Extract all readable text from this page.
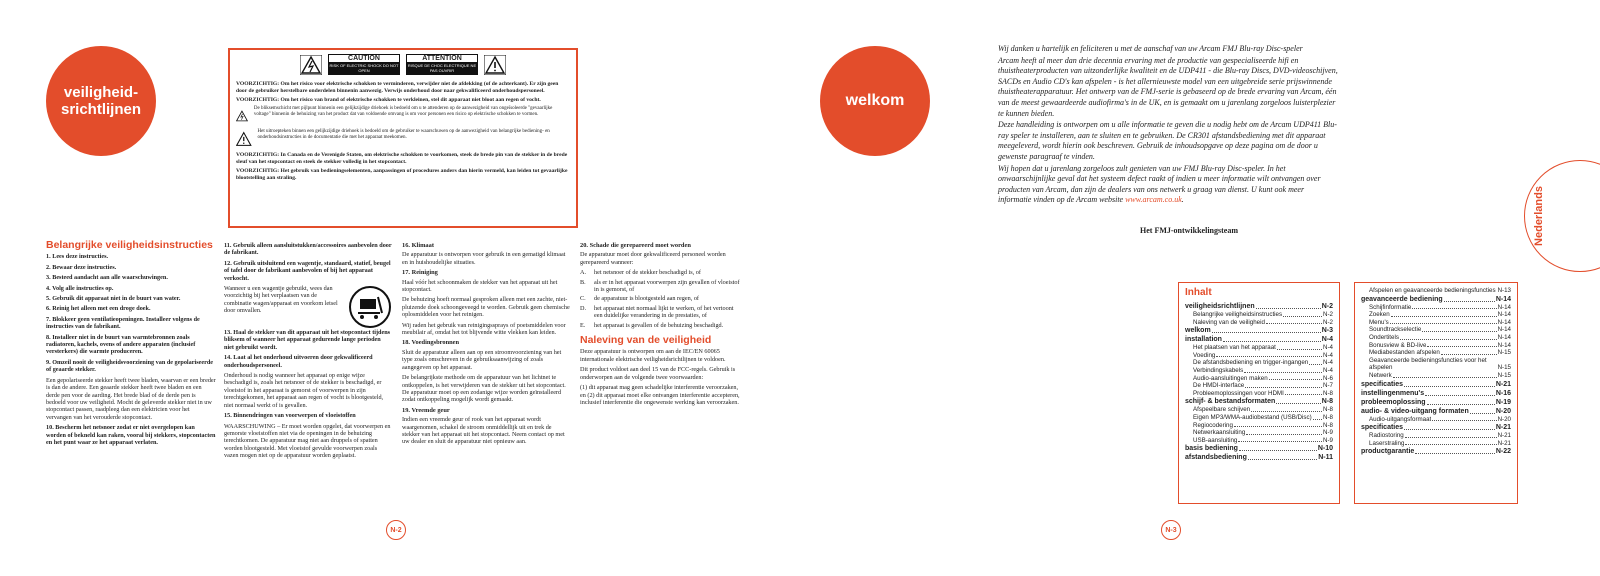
veiligheid-
srichtlijnen
CAUTION
RISK OF ELECTRIC SHOCK DO NOT OPEN
ATTENTION
RISQUE DE CHOC ELECTRIQUE NE PAS OUVRIR

VOORZICHTIG: Om het risico voor elektrische schokken te verminderen, verwijder niet de afdekking (of de achterkant). Er zijn geen door de gebruiker herstelbare onderdelen binnenin aanwezig. Verwijs onderhoud door naar gekwalificeerd onderhoudspersoneel.

VOORZICHTIG: Om het risico van brand of elektrische schokken te verkleinen, stel dit apparaat niet bloot aan regen of vocht.

De bliksemschicht met pijlpunt binnenin een gelijkzijdige driehoek is bedoeld om u te attenderen op de aanwezigheid van ongeïsoleerde "gevaarlijke voltage" binnenin de behuizing van het product dat van voldoende omvang is om voor personen een risico op elektrische schokken te vormen.
Het uitroepteken binnen een gelijkzijdige driehoek is bedoeld om de gebruiker te waarschuwen op de aanwezigheid van belangrijke bediening- en onderhoudsinstructies in de documentatie die met het apparaat meekomen.

VOORZICHTIG: In Canada en de Verenigde Staten, om elektrische schokken te voorkomen, steek de brede pin van de stekker in de brede sleuf van het stopcontact en steek de stekker volledig in het stopcontact.

VOORZICHTIG: Het gebruik van bedieningselementen, aanpassingen of procedures anders dan hierin vermeld, kan leiden tot gevaarlijke blootstelling aan straling.

Belangrijke veiligheidsinstructies

1. Lees deze instructies.

2. Bewaar deze instructies.

3. Besteed aandacht aan alle waarschuwingen.

4. Volg alle instructies op.

5. Gebruik dit apparaat niet in de buurt van water.

6. Reinig het alleen met een droge doek.

7. Blokkeer geen ventilatieopeningen. Installeer volgens de instructies van de fabrikant.

8. Installeer niet in de buurt van warmtebronnen zoals radiatoren, kachels, ovens of andere apparaten (inclusief versterkers) die warmte produceren.

9. Omzeil nooit de veiligheidsvoorziening van de gepolariseerde of geaarde stekker.

Een gepolariseerde stekker heeft twee bladen, waarvan er een breder is dan de andere. Een geaarde stekker heeft twee bladen en een derde pen voor de aarding. Het brede blad of de derde pen is bedoeld voor uw veiligheid. Mocht de geleverde stekker niet in uw stopcontact passen, raadpleeg dan een elektricien voor het vervangen van het verouderde stopcontact.

10. Bescherm het netsnoer zodat er niet overgelopen kan worden of bekneld kan raken, vooral bij stekkers, stopcontacten en het punt waar ze het apparaat verlaten.

11. Gebruik alleen aansluitstukken/accessoires aanbevolen door de fabrikant.

12. Gebruik uitsluitend een wagentje, standaard, statief, beugel of tafel door de fabrikant aanbevolen of bij het apparaat verkocht.

Wanneer u een wagentje gebruikt, wees dan voorzichtig bij het verplaatsen van de combinatie wagen/apparaat en voorkom letsel door omvallen.

13. Haal de stekker van dit apparaat uit het stopcontact tijdens bliksem of wanneer het apparaat gedurende lange perioden niet gebruikt wordt.

14. Laat al het onderhoud uitvoeren door gekwalificeerd onderhoudspersoneel.

Onderhoud is nodig wanneer het apparaat op enige wijze beschadigd is, zoals het netsnoer of de stekker is beschadigd, er vloeistof in het apparaat is gemorst of voorwerpen in zijn terechtgekomen, het apparaat aan regen of vocht is blootgesteld, niet normaal werkt of is gevallen.

15. Binnendringen van voorwerpen of vloeistoffen

WAARSCHUWING – Er moet worden opgelet, dat voorwerpen en gemorste vloeistoffen niet via de openingen in de behuizing terechtkomen. De apparatuur mag niet aan druppels of spatten worden blootgesteld. Met vloeistof gevulde voorwerpen zoals vazen mogen niet op de apparatuur worden geplaatst.

16. Klimaat

De apparatuur is ontworpen voor gebruik in een gematigd klimaat en in huishoudelijke situaties.

17. Reiniging

Haal vóór het schoonmaken de stekker van het apparaat uit het stopcontact.

De behuizing hoeft normaal gesproken alleen met een zachte, niet-pluizende doek schoongeveegd te worden. Gebruik geen chemische oplosmiddelen voor het reinigen.

Wij raden het gebruik van reinigingssprays of poetsmiddelen voor meubilair af, omdat het tot blijvende witte vlekken kan leiden.

18. Voedingsbronnen

Sluit de apparatuur alleen aan op een stroomvoorziening van het type zoals omschreven in de gebruiksaanwijzing of zoals aangegeven op het apparaat.

De belangrijkste methode om de apparatuur van het lichtnet te ontkoppelen, is het verwijderen van de stekker uit het stopcontact. De apparatuur moet op een zodanige wijze worden geïnstalleerd zodat ontkoppeling mogelijk wordt gemaakt.

19. Vreemde geur

Indien een vreemde geur of rook van het apparaat wordt waargenomen, schakel de stroom onmiddellijk uit en trek de stekker van het apparaat uit het stopcontact. Neem contact op met uw dealer en sluit de apparatuur niet opnieuw aan.

20. Schade die gerepareerd moet worden

De apparatuur moet door gekwalificeerd personeel worden gerepareerd wanneer:

A.	het netsnoer of de stekker beschadigd is, of
B.	als er in het apparaat voorwerpen zijn gevallen of vloeistof in is gemorst, of
C.	de apparatuur is blootgesteld aan regen, of
D.	het apparaat niet normaal lijkt te werken, of het vertoont een duidelijke verandering in de prestaties, of
E.	het apparaat is gevallen of de behuizing beschadigd.
Naleving van de veiligheid

Deze apparatuur is ontworpen om aan de IEC/EN 60065 internationale elektrische veiligheidsrichtlijnen te voldoen.

Dit product voldoet aan deel 15 van de FCC-regels. Gebruik is onderworpen aan de volgende twee voorwaarden:

(1) dit apparaat mag geen schadelijke interferentie veroorzaken, en (2) dit apparaat moet elke ontvangen interferentie accepteren, inclusief interferentie die ongewenste werking kan veroorzaken.

N-2	N-3
welkom

Wij danken u hartelijk en feliciteren u met de aanschaf van uw Arcam FMJ Blu-ray Disc-speler

Arcam heeft al meer dan drie decennia ervaring met de productie van gespecialiseerde hifi en thuistheaterproducten van uitzonderlijke kwaliteit en de UDP411 - die Blu-ray Discs, DVD-videoschijven, SACDs en Audio CD's kan afspelen - is het allernieuwste model van een uitgebreide serie prijswinnende thuistheaterapparatuur. Het ontwerp van de FMJ-serie is gebaseerd op de brede ervaring van Arcam, één van de meest gewaardeerde audiofirma's in de UK, en is gemaakt om u jarenlang zorgeloos luisterplezier te kunnen bieden.

Deze handleiding is ontworpen om u alle informatie te geven die u nodig hebt om de Arcam UDP411 Blu-ray speler te installeren, aan te sluiten en te gebruiken. De CR301 afstandsbediening met dit apparaat meegeleverd, wordt hierin ook beschreven. Gebruik de inhoudsopgave op deze pagina om de door u gewenste paragraaf te vinden.

Wij hopen dat u jarenlang zorgeloos zult genieten van uw FMJ Blu-ray Disc-speler. In het onwaarschijnlijke geval dat het systeem defect raakt of indien u meer informatie wilt ontvangen over producten van Arcam, dan zijn de dealers van ons netwerk u graag van dienst. U kunt ook meer informatie vinden op de Arcam website www.arcam.co.uk.

Het FMJ-ontwikkelingsteam	Nederlands
Inhalt
veiligheidsrichtlijnen	N-2
Belangrijke veiligheidsinstructies	N-2
Naleving van de veiligheid	N-2
welkom	N-3
installation	N-4
Het plaatsen van het apparaat	N-4
Voeding	N-4
De afstandsbediening en trigger-ingangen N-4
Verbindingskabels	N-4
Audio-aansluitingen maken	N-6
De HMDI-interface	N-7
Probleemoplossingen voor HDMI	N-8
schijf- & bestandsformaten	N-8
Afspeelbare schijven	N-8
Eigen MP3/WMA-audiobestand (USB/Disc) N-8
Regiocodering	N-8
Netwerkaansluiting	N-9
USB-aansluiting	N-9
basis bediening	N-10
afstandsbediening	N-11
Afspelen en geavanceerde bedieningsfuncties N-13
geavanceerde bediening	N-14
Schijfinformatie	N-14
Zoeken	N-14
Menu's	N-14
Soundtrackselectie	N-14
Ondertitels	N-14
Bonusview & BD-live	N-14
Mediabestanden afspelen	N-15
Geavanceerde bedieningsfuncties voor het afspelen	N-15
Netwerk	N-15
specificaties	N-21
instellingenmenu's	N-16
probleemoplossing	N-19
audio- & video-uitgang formaten	N-20
Audio-uitgangsformaat	N-20
specificaties	N-21
Radiostoring	N-21
Laserstraling	N-21
productgarantie	N-22
